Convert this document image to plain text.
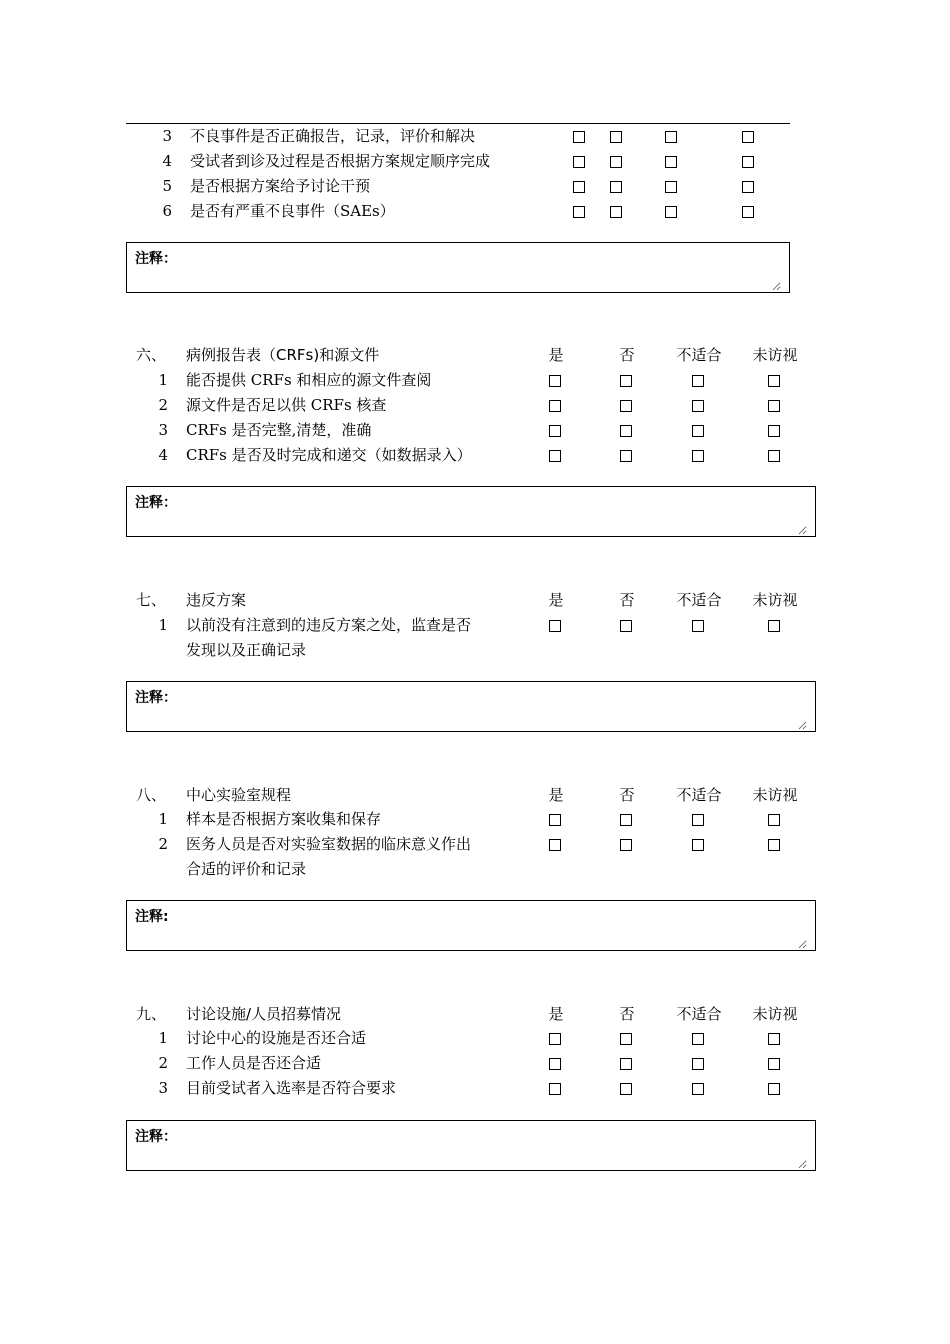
3 不良事件是否正确报告，记录，评价和解决
4 受试者到诊及过程是否根据方案规定顺序完成
5 是否根据方案给予讨论干预
6 是否有严重不良事件（SAEs）
注释：
六、 病例报告表（CRFs)和源文件	是	否	不适合	未访视
1 能否提供 CRFs 和相应的源文件查阅
2 源文件是否足以供 CRFs 核查
3 CRFs 是否完整,清楚，准确
4 CRFs 是否及时完成和递交（如数据录入）
注释：
七、 违反方案	是	否	不适合	未访视
1 以前没有注意到的违反方案之处，监查是否
发现以及正确记录
注释：
八、 中心实验室规程	是	否	不适合	未访视
1 样本是否根据方案收集和保存
2 医务人员是否对实验室数据的临床意义作出
合适的评价和记录
注释:
九、 讨论设施/人员招募情况	是	否	不适合	未访视
1 讨论中心的设施是否还合适
2 工作人员是否还合适
3 目前受试者入选率是否符合要求
注释：
